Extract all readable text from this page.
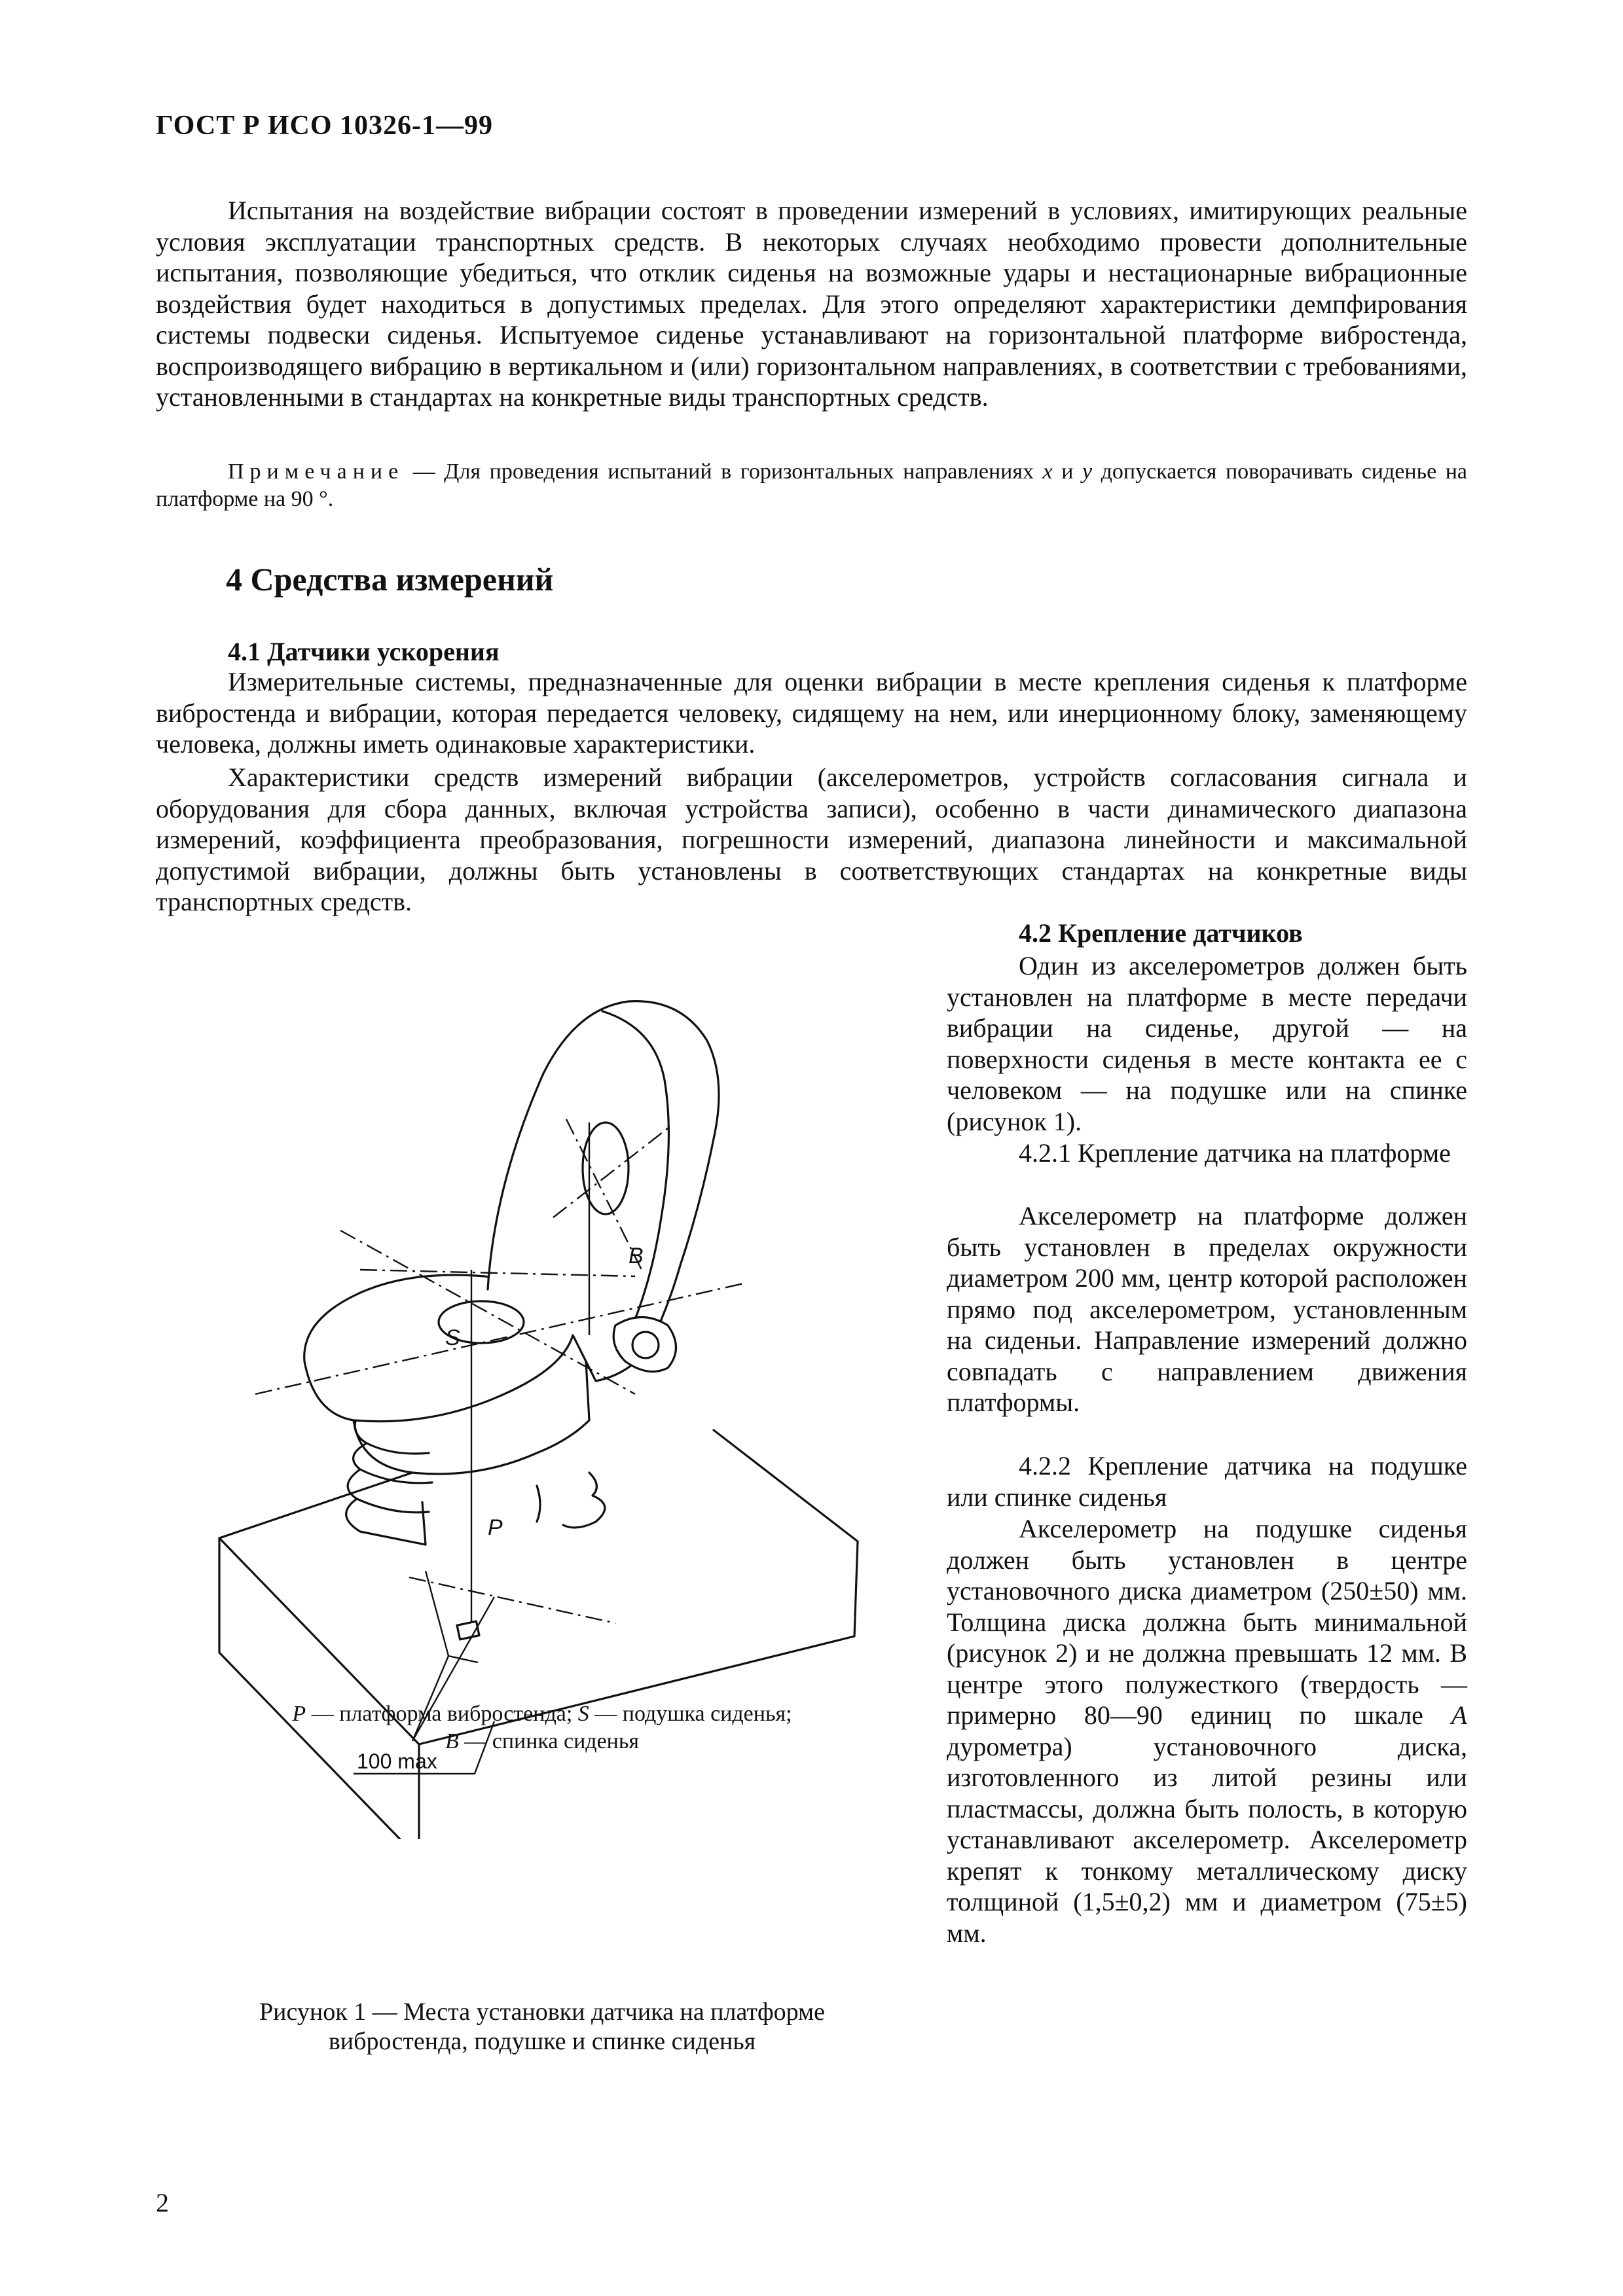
ГОСТ Р ИСО 10326-1—99

Испытания на воздействие вибрации состоят в проведении измерений в условиях, имитирующих реальные условия эксплуатации транспортных средств. В некоторых случаях необходимо провести дополнительные испытания, позволяющие убедиться, что отклик сиденья на возможные удары и нестационарные вибрационные воздействия будет находиться в допустимых пределах. Для этого определяют характеристики демпфирования системы подвески сиденья. Испытуемое сиденье устанавливают на горизонтальной платформе вибростенда, воспроизводящего вибрацию в вертикальном и (или) горизонтальном направлениях, в соответствии с требованиями, установленными в стандартах на конкретные виды транспортных средств.

Примечание — Для проведения испытаний в горизонтальных направлениях x и y допускается поворачивать сиденье на платформе на 90 °.

4 Средства измерений
4.1 Датчики ускорения

Измерительные системы, предназначенные для оценки вибрации в месте крепления сиденья к платформе вибростенда и вибрации, которая передается человеку, сидящему на нем, или инерционному блоку, заменяющему человека, должны иметь одинаковые характеристики.

Характеристики средств измерений вибрации (акселерометров, устройств согласования сигнала и оборудования для сбора данных, включая устройства записи), особенно в части динамического диапазона измерений, коэффициента преобразования, погрешности измерений, диапазона линейности и максимальной допустимой вибрации, должны быть установлены в соответствующих стандартах на конкретные виды транспортных средств.

4.2 Крепление датчиков

Один из акселерометров должен быть установлен на платформе в месте передачи вибрации на сиденье, другой — на поверхности сиденья в месте контакта ее с человеком — на подушке или на спинке (рисунок 1).

4.2.1 Крепление датчика на платформе

Акселерометр на платформе должен быть установлен в пределах окружности диаметром 200 мм, центр которой расположен прямо под акселерометром, установленным на сиденьи. Направление измерений должно совпадать с направлением движения платформы.

4.2.2 Крепление датчика на подушке или спинке сиденья

Акселерометр на подушке сиденья должен быть установлен в центре установочного диска диаметром (250±50) мм. Толщина диска должна быть минимальной (рисунок 2) и не должна превышать 12 мм. В центре этого полужесткого (твердость — примерно 80—90 единиц по шкале A дурометра) установочного диска, изготовленного из литой резины или пластмассы, должна быть полость, в которую устанавливают акселерометр. Акселерометр крепят к тонкому металлическому диску толщиной (1,5±0,2) мм и диаметром (75±5) мм.

B
S
P
100 max

P — платформа вибростенда; S — подушка сиденья;
B — спинка сиденья

Рисунок 1 — Места установки датчика на платформе
вибростенда, подушке и спинке сиденья

2
